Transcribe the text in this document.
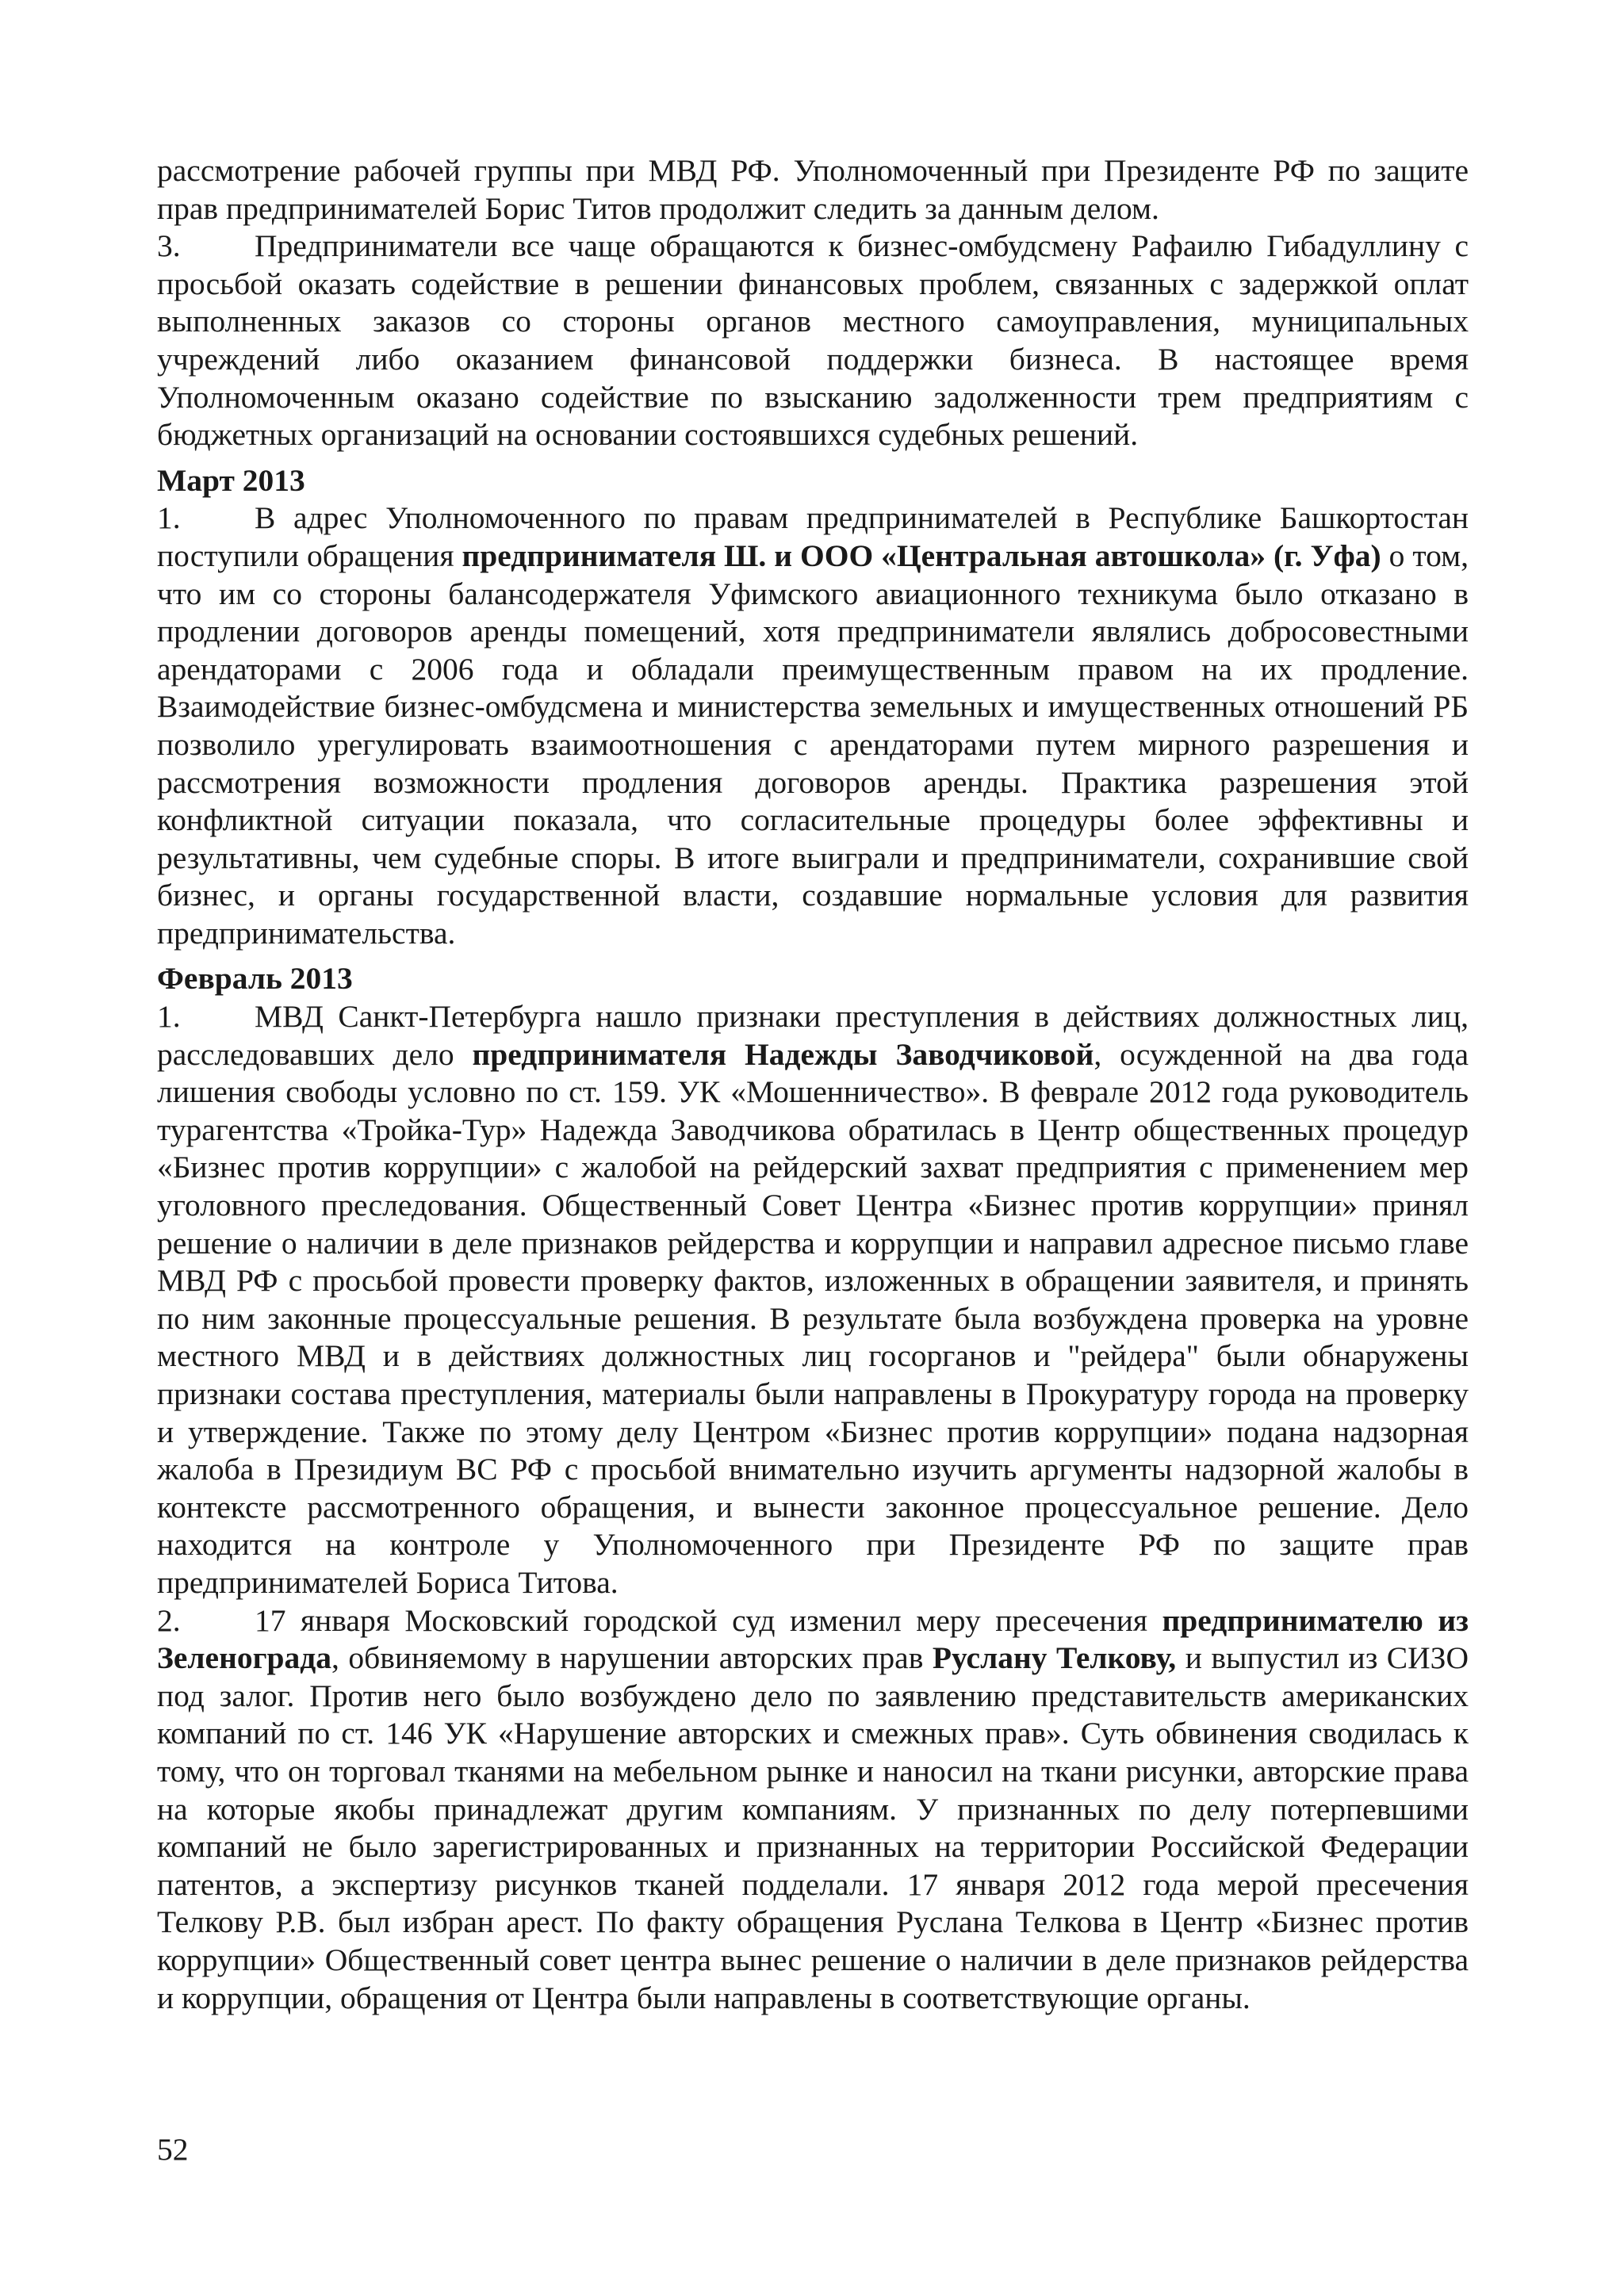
рассмотрение рабочей группы при МВД РФ. Уполномоченный при Президенте РФ по защите прав предпринимателей Борис Титов продолжит следить за данным делом.

3. Предприниматели все чаще обращаются к бизнес-омбудсмену Рафаилю Гибадуллину с просьбой оказать содействие в решении финансовых проблем, связанных с задержкой оплат выполненных заказов со стороны органов местного самоуправления, муниципальных учреждений либо оказанием финансовой поддержки бизнеса. В настоящее время Уполномоченным оказано содействие по взысканию задолженности трем предприятиям с бюджетных организаций на основании состоявшихся судебных решений.

Март 2013

1. В адрес Уполномоченного по правам предпринимателей в Республике Башкортостан поступили обращения предпринимателя Ш. и ООО «Центральная автошкола» (г. Уфа) о том, что им со стороны балансодержателя Уфимского авиационного техникума было отказано в продлении договоров аренды помещений, хотя предприниматели являлись добросовестными арендаторами с 2006 года и обладали преимущественным правом на их продление. Взаимодействие бизнес-омбудсмена и министерства земельных и имущественных отношений РБ позволило урегулировать взаимоотношения с арендаторами путем мирного разрешения и рассмотрения возможности продления договоров аренды. Практика разрешения этой конфликтной ситуации показала, что согласительные процедуры более эффективны и результативны, чем судебные споры. В итоге выиграли и предприниматели, сохранившие свой бизнес, и органы государственной власти, создавшие нормальные условия для развития предпринимательства.

Февраль 2013

1. МВД Санкт-Петербурга нашло признаки преступления в действиях должностных лиц, расследовавших дело предпринимателя Надежды Заводчиковой, осужденной на два года лишения свободы условно по ст. 159. УК «Мошенничество». В феврале 2012 года руководитель турагентства «Тройка-Тур» Надежда Заводчикова обратилась в Центр общественных процедур «Бизнес против коррупции» с жалобой на рейдерский захват предприятия с применением мер уголовного преследования. Общественный Совет Центра «Бизнес против коррупции» принял решение о наличии в деле признаков рейдерства и коррупции и направил адресное письмо главе МВД РФ с просьбой провести проверку фактов, изложенных в обращении заявителя, и принять по ним законные процессуальные решения. В результате была возбуждена проверка на уровне местного МВД и в действиях должностных лиц госорганов и "рейдера" были обнаружены признаки состава преступления, материалы были направлены в Прокуратуру города на проверку и утверждение. Также по этому делу Центром «Бизнес против коррупции» подана надзорная жалоба в Президиум ВС РФ с просьбой внимательно изучить аргументы надзорной жалобы в контексте рассмотренного обращения, и вынести законное процессуальное решение. Дело находится на контроле у Уполномоченного при Президенте РФ по защите прав предпринимателей Бориса Титова.

2. 17 января Московский городской суд изменил меру пресечения предпринимателю из Зеленограда, обвиняемому в нарушении авторских прав Руслану Телкову, и выпустил из СИЗО под залог. Против него было возбуждено дело по заявлению представительств американских компаний по ст. 146 УК «Нарушение авторских и смежных прав». Суть обвинения сводилась к тому, что он торговал тканями на мебельном рынке и наносил на ткани рисунки, авторские права на которые якобы принадлежат другим компаниям. У признанных по делу потерпевшими компаний не было зарегистрированных и признанных на территории Российской Федерации патентов, а экспертизу рисунков тканей подделали. 17 января 2012 года мерой пресечения Телкову Р.В. был избран арест. По факту обращения Руслана Телкова в Центр «Бизнес против коррупции» Общественный совет центра вынес решение о наличии в деле признаков рейдерства и коррупции, обращения от Центра были направлены в соответствующие органы.

52
